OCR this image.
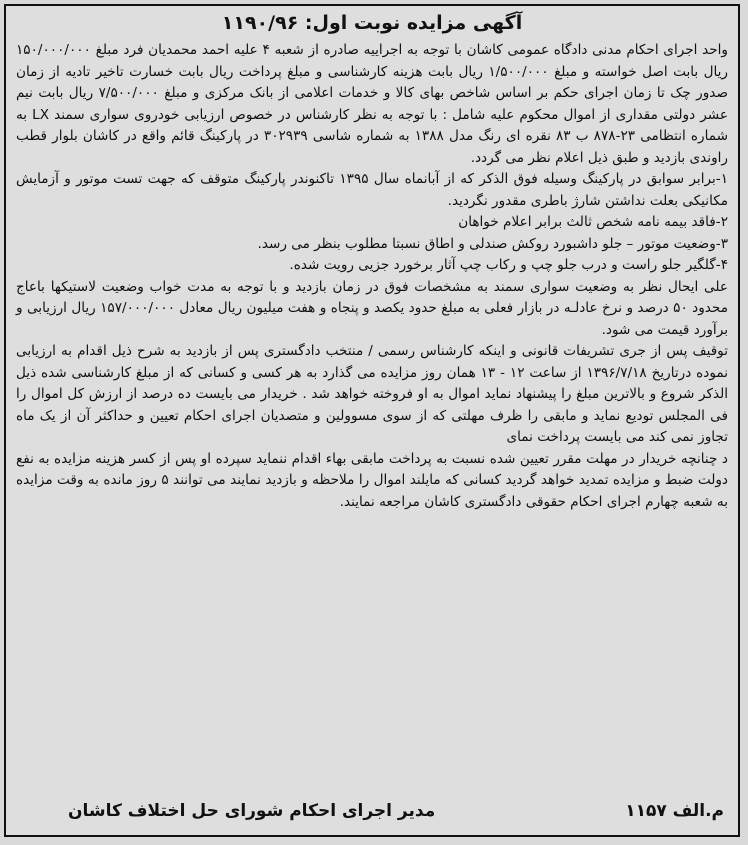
آگهی مزایده نوبت اول: ۱۱۹۰/۹۶
واحد اجرای احکام مدنی دادگاه عمومی کاشان با توجه به اجراییه صادره از شعبه ۴ علیه احمد محمدیان فرد مبلغ ۱۵۰/۰۰۰/۰۰۰ ریال بابت اصل خواسته و مبلغ ۱/۵۰۰/۰۰۰ ریال بابت هزینه کارشناسی و مبلغ پرداخت ریال بابت خسارت تاخیر تادیه از زمان صدور چک تا زمان اجرای حکم بر اساس شاخص بهای کالا و خدمات اعلامی از بانک مرکزی و مبلغ ۷/۵۰۰/۰۰۰ ریال بابت نیم عشر دولتی مقداری از اموال محکوم علیه شامل : با توجه به نظر کارشناس در خصوص ارزیابی خودروی سواری سمند LX به شماره انتظامی ۲۳-۸۷۸ ب ۸۳ نقره ای رنگ مدل ۱۳۸۸ به شماره شاسی ۳۰۲۹۳۹ در پارکینگ قائم واقع در کاشان بلوار قطب راوندی بازدید و طبق ذیل اعلام نظر می گردد.
۱-برابر سوابق در پارکینگ وسیله فوق الذکر که از آبانماه سال ۱۳۹۵ تاکنوندر پارکینگ متوقف که جهت تست موتور و آزمایش مکانیکی بعلت نداشتن شارژ باطری مقدور نگردید.
۲-فاقد بیمه نامه شخص ثالث برابر اعلام خواهان
۳-وضعیت موتور – جلو داشبورد روکش صندلی و اطاق نسبتا مطلوب بنظر می رسد.
۴-گلگیر جلو راست و درب جلو چپ و رکاب چپ آثار برخورد جزیی رویت شده.
علی ایحال نظر به وضعیت سواری سمند به مشخصات فوق در زمان بازدید و با توجه به مدت خواب وضعیت لاستیکها باعاج محدود ۵۰ درصد و نرخ عادلـه در بازار فعلی به مبلغ حدود یکصد و پنجاه و هفت میلیون ریال معادل ۱۵۷/۰۰۰/۰۰۰ ریال ارزیابی و برآورد قیمت می شود.
توقیف پس از جری تشریفات قانونی و اینکه کارشناس رسمی / منتخب دادگستری پس از بازدید به شرح ذیل اقدام به ارزیابی نموده درتاریخ ۱۳۹۶/۷/۱۸ از ساعت ۱۲ - ۱۳ همان روز مزایده می گذارد به هر کسی و کسانی که از مبلغ کارشناسی شده ذیل الذکر شروع و بالاترین مبلغ را پیشنهاد نماید اموال به او فروخته خواهد شد . خریدار می بایست ده درصد از ارزش کل اموال را فی المجلس تودیع نماید و مابقی را ظرف مهلتی که از سوی مسوولین و متصدیان اجرای احکام تعیین و حداکثر آن از یک ماه تجاوز نمی کند می بایست پرداخت نمای
د چنانچه خریدار در مهلت مقرر تعیین شده نسبت به پرداخت مابقی بهاء اقدام ننماید سپرده او پس از کسر هزینه مزایده به نفع دولت ضبط و مزایده تمدید خواهد گردید کسانی که مایلند اموال را ملاحظه و بازدید نمایند می توانند ۵ روز مانده به وقت مزایده به شعبه چهارم اجرای احکام حقوقی دادگستری کاشان مراجعه نمایند.
م.الف ۱۱۵۷
مدیر اجرای احکام شورای حل اختلاف کاشان
